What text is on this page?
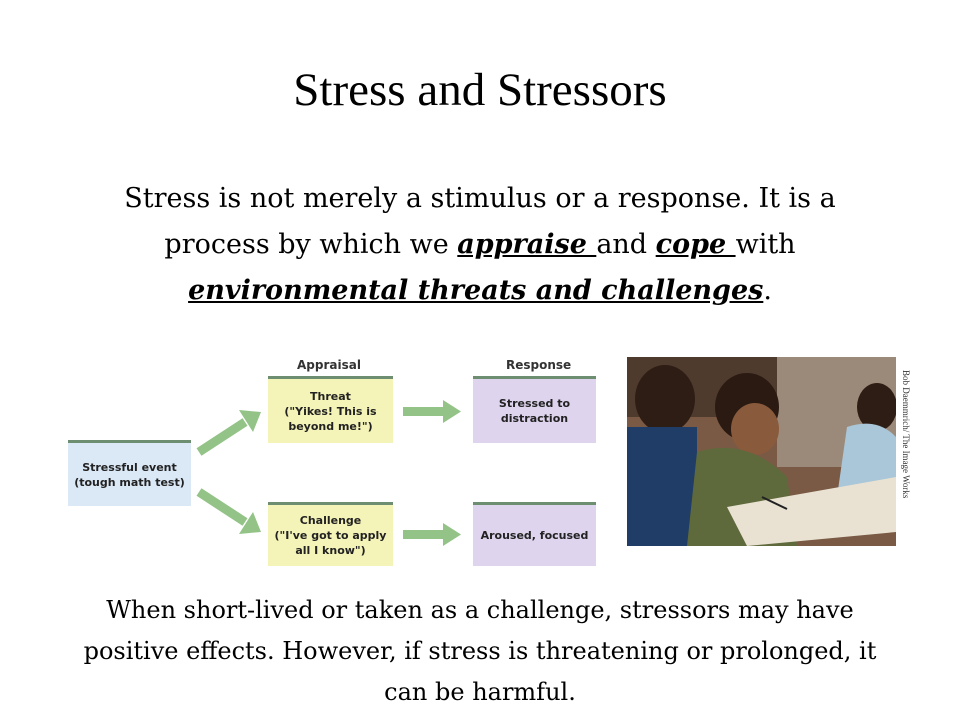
Stress and Stressors
Stress is not merely a stimulus or a response. It is a process by which we appraise and cope with environmental threats and challenges.
Appraisal	Response
Stressful event
(tough math test)
Threat
("Yikes! This is
beyond me!")
Challenge
("I've got to apply
all I know")
Stressed to
distraction
Aroused, focused
Bob Daemmrich/ The Image Works
When short-lived or taken as a challenge, stressors may have positive effects. However, if stress is threatening or prolonged, it can be harmful.
